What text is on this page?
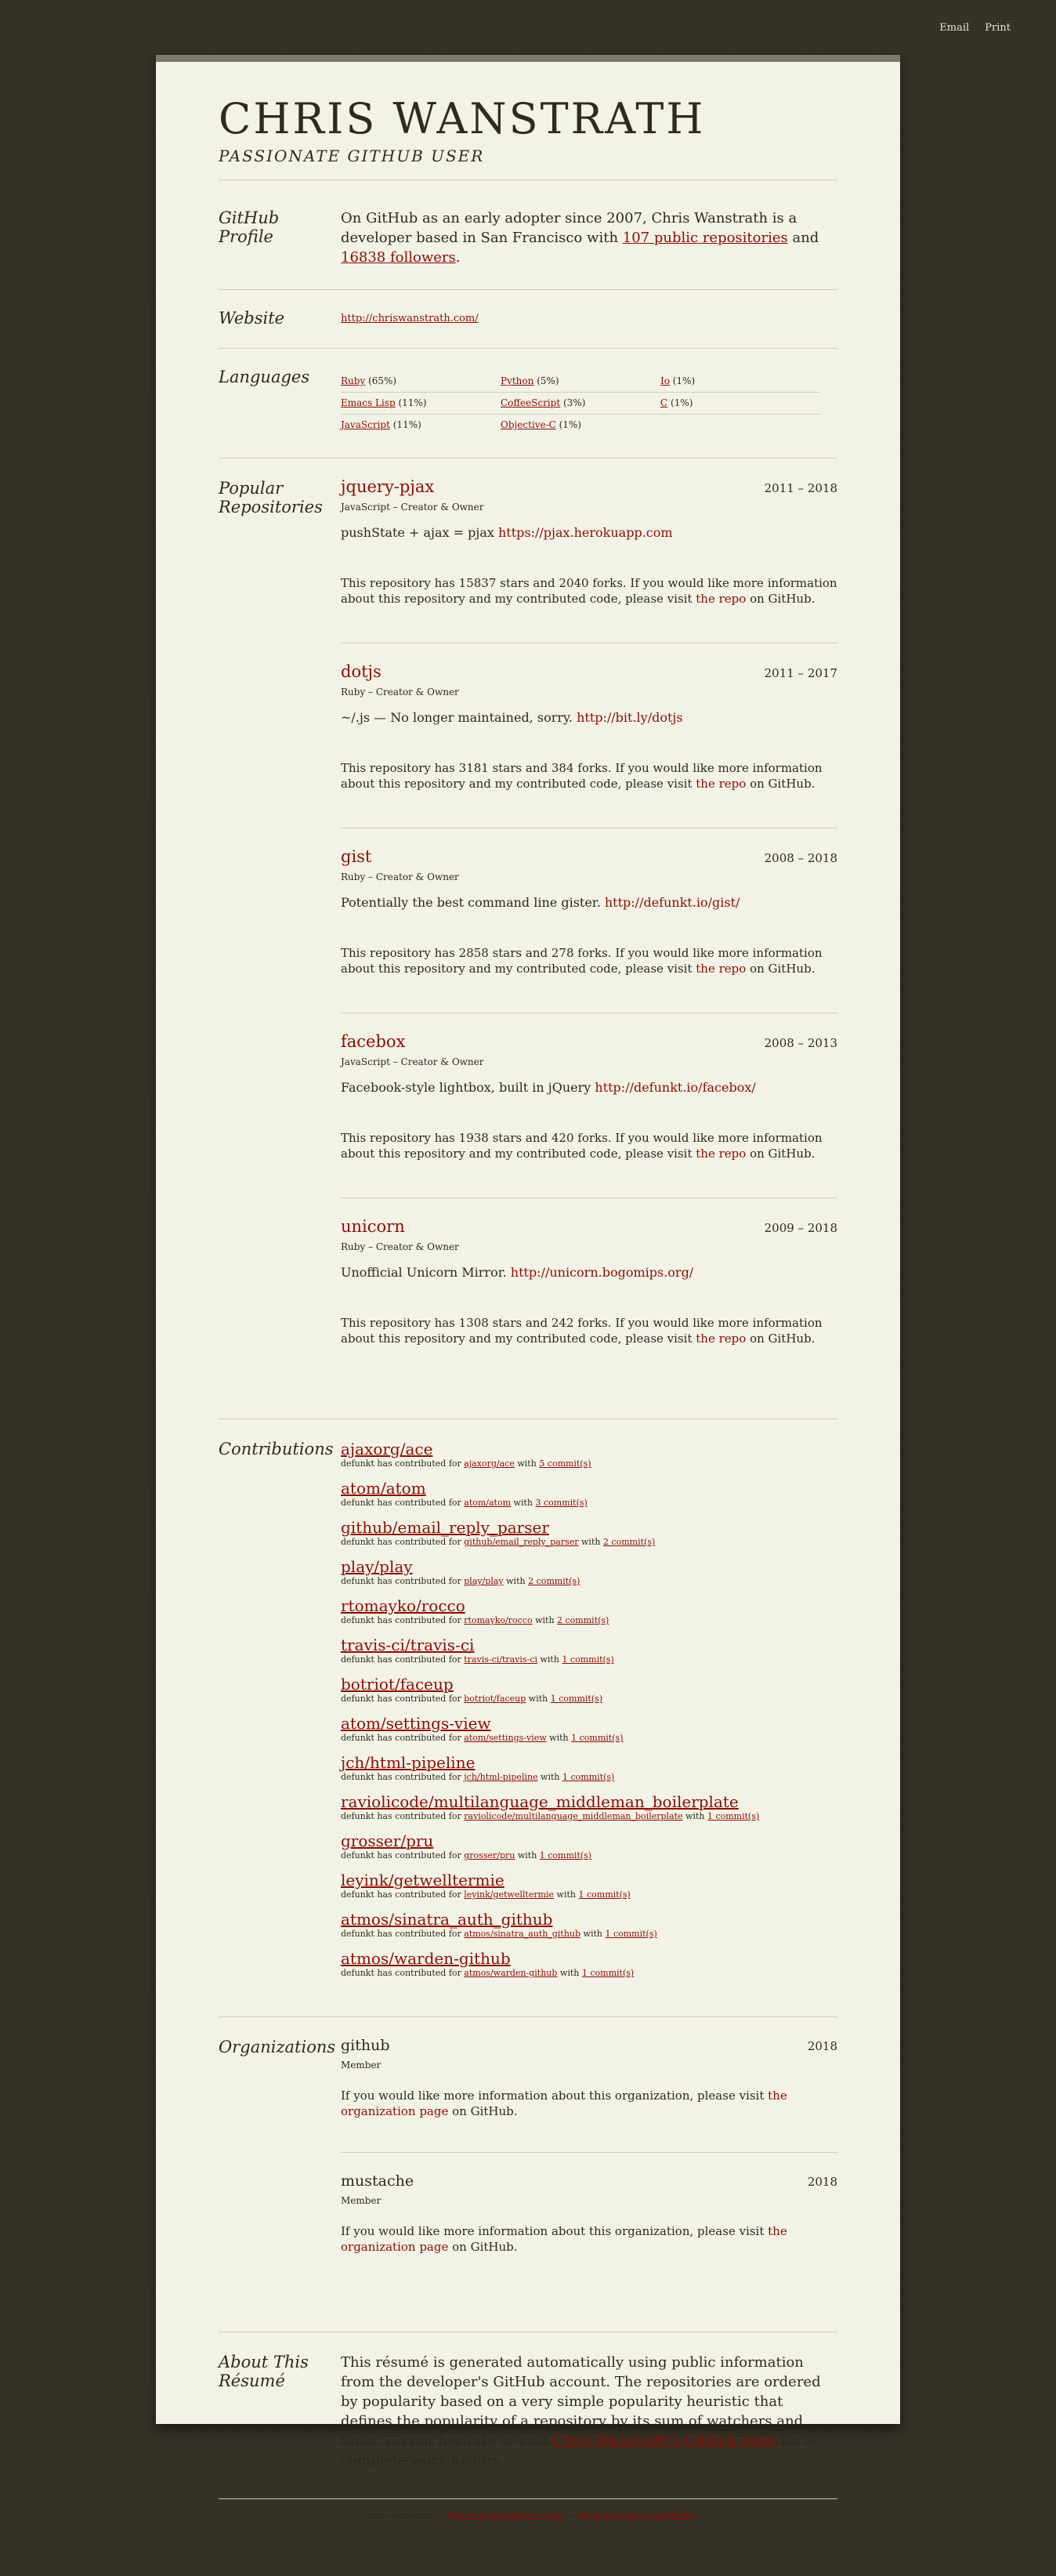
Email Print
CHRIS WANSTRATH
PASSIONATE GITHUB USER
GitHub
Profile

On GitHub as an early adopter since 2007, Chris Wanstrath is a developer based in San Francisco with 107 public repositories and 16838 followers.

Website	http://chriswanstrath.com/
Languages	Ruby (65%)	Python (5%)	Io (1%)
Emacs Lisp (11%)	CoffeeScript (3%)	C (1%)
JavaScript (11%)	Objective-C (1%)
Popular
Repositories
jquery-pjax	2011 – 2018
JavaScript – Creator & Owner

pushState + ajax = pjax https://pjax.herokuapp.com

This repository has 15837 stars and 2040 forks. If you would like more information about this repository and my contributed code, please visit the repo on GitHub.

dotjs	2011 – 2017
Ruby – Creator & Owner

~/.js — No longer maintained, sorry. http://bit.ly/dotjs

This repository has 3181 stars and 384 forks. If you would like more information about this repository and my contributed code, please visit the repo on GitHub.

gist	2008 – 2018
Ruby – Creator & Owner

Potentially the best command line gister. http://defunkt.io/gist/

This repository has 2858 stars and 278 forks. If you would like more information about this repository and my contributed code, please visit the repo on GitHub.

facebox	2008 – 2013
JavaScript – Creator & Owner

Facebook-style lightbox, built in jQuery http://defunkt.io/facebox/

This repository has 1938 stars and 420 forks. If you would like more information about this repository and my contributed code, please visit the repo on GitHub.

unicorn	2009 – 2018
Ruby – Creator & Owner

Unofficial Unicorn Mirror. http://unicorn.bogomips.org/

This repository has 1308 stars and 242 forks. If you would like more information about this repository and my contributed code, please visit the repo on GitHub.

Contributions ajaxorg/ace
defunkt has contributed for ajaxorg/ace with 5 commit(s)
atom/atom
defunkt has contributed for atom/atom with 3 commit(s)
github/email_reply_parser
defunkt has contributed for github/email_reply_parser with 2 commit(s)
play/play
defunkt has contributed for play/play with 2 commit(s)
rtomayko/rocco
defunkt has contributed for rtomayko/rocco with 2 commit(s)
travis-ci/travis-ci
defunkt has contributed for travis-ci/travis-ci with 1 commit(s)
botriot/faceup
defunkt has contributed for botriot/faceup with 1 commit(s)
atom/settings-view
defunkt has contributed for atom/settings-view with 1 commit(s)
jch/html-pipeline
defunkt has contributed for jch/html-pipeline with 1 commit(s)
raviolicode/multilanguage_middleman_boilerplate
defunkt has contributed for raviolicode/multilanguage_middleman_boilerplate with 1 commit(s)
grosser/pru
defunkt has contributed for grosser/pru with 1 commit(s)
leyink/getwelltermie
defunkt has contributed for leyink/getwelltermie with 1 commit(s)
atmos/sinatra_auth_github
defunkt has contributed for atmos/sinatra_auth_github with 1 commit(s)
atmos/warden-github
defunkt has contributed for atmos/warden-github with 1 commit(s)
Organizations github	2018
Member

If you would like more information about this organization, please visit the organization page on GitHub.

mustache	2018
Member

If you would like more information about this organization, please visit the organization page on GitHub.

About This
Résumé

This résumé is generated automatically using public information from the developer's GitHub account. The repositories are ordered by popularity based on a very simple popularity heuristic that defines the popularity of a repository by its sum of watchers and forks. Do not hesitate to visit Chris Wanstrath's GitHub page for a complete work history.

Chris Wanstrath — http://chriswanstrath.com/ — https://github.com/defunkt
